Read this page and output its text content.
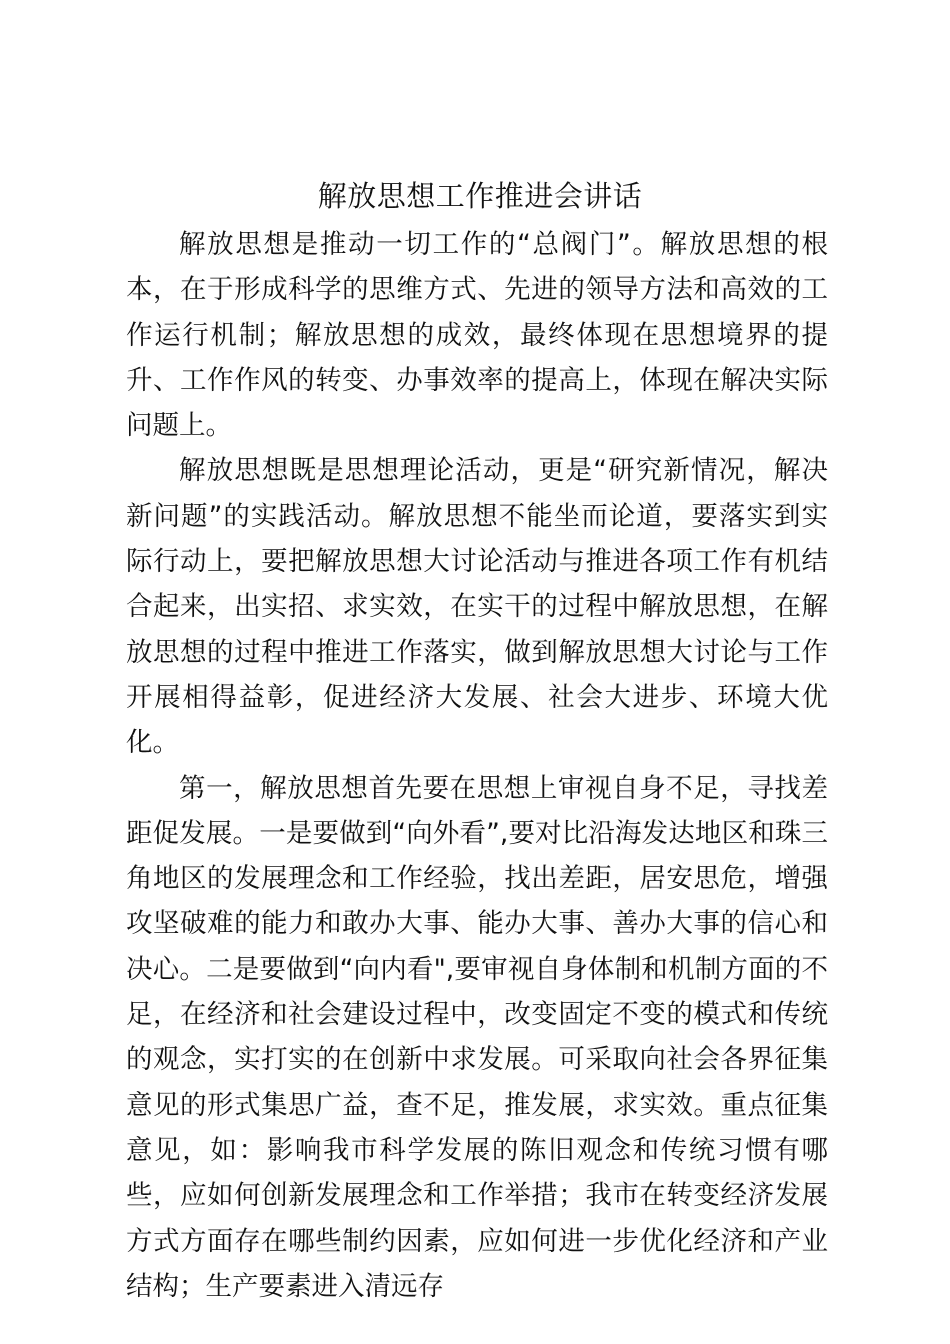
解放思想工作推进会讲话

解放思想是推动一切工作的“总阀门”。解放思想的根本，在于形成科学的思维方式、先进的领导方法和高效的工作运行机制；解放思想的成效，最终体现在思想境界的提升、工作作风的转变、办事效率的提高上，体现在解决实际问题上。

解放思想既是思想理论活动，更是“研究新情况，解决新问题”的实践活动。解放思想不能坐而论道，要落实到实际行动上，要把解放思想大讨论活动与推进各项工作有机结合起来，出实招、求实效，在实干的过程中解放思想，在解放思想的过程中推进工作落实，做到解放思想大讨论与工作开展相得益彰，促进经济大发展、社会大进步、环境大优化。

第一，解放思想首先要在思想上审视自身不足，寻找差距促发展。一是要做到“向外看”,要对比沿海发达地区和珠三角地区的发展理念和工作经验，找出差距，居安思危，增强攻坚破难的能力和敢办大事、能办大事、善办大事的信心和决心。二是要做到“向内看",要审视自身体制和机制方面的不足，在经济和社会建设过程中，改变固定不变的模式和传统的观念，实打实的在创新中求发展。可采取向社会各界征集意见的形式集思广益，查不足，推发展，求实效。重点征集意见，如：影响我市科学发展的陈旧观念和传统习惯有哪些，应如何创新发展理念和工作举措；我市在转变经济发展方式方面存在哪些制约因素，应如何进一步优化经济和产业结构；生产要素进入清远存
